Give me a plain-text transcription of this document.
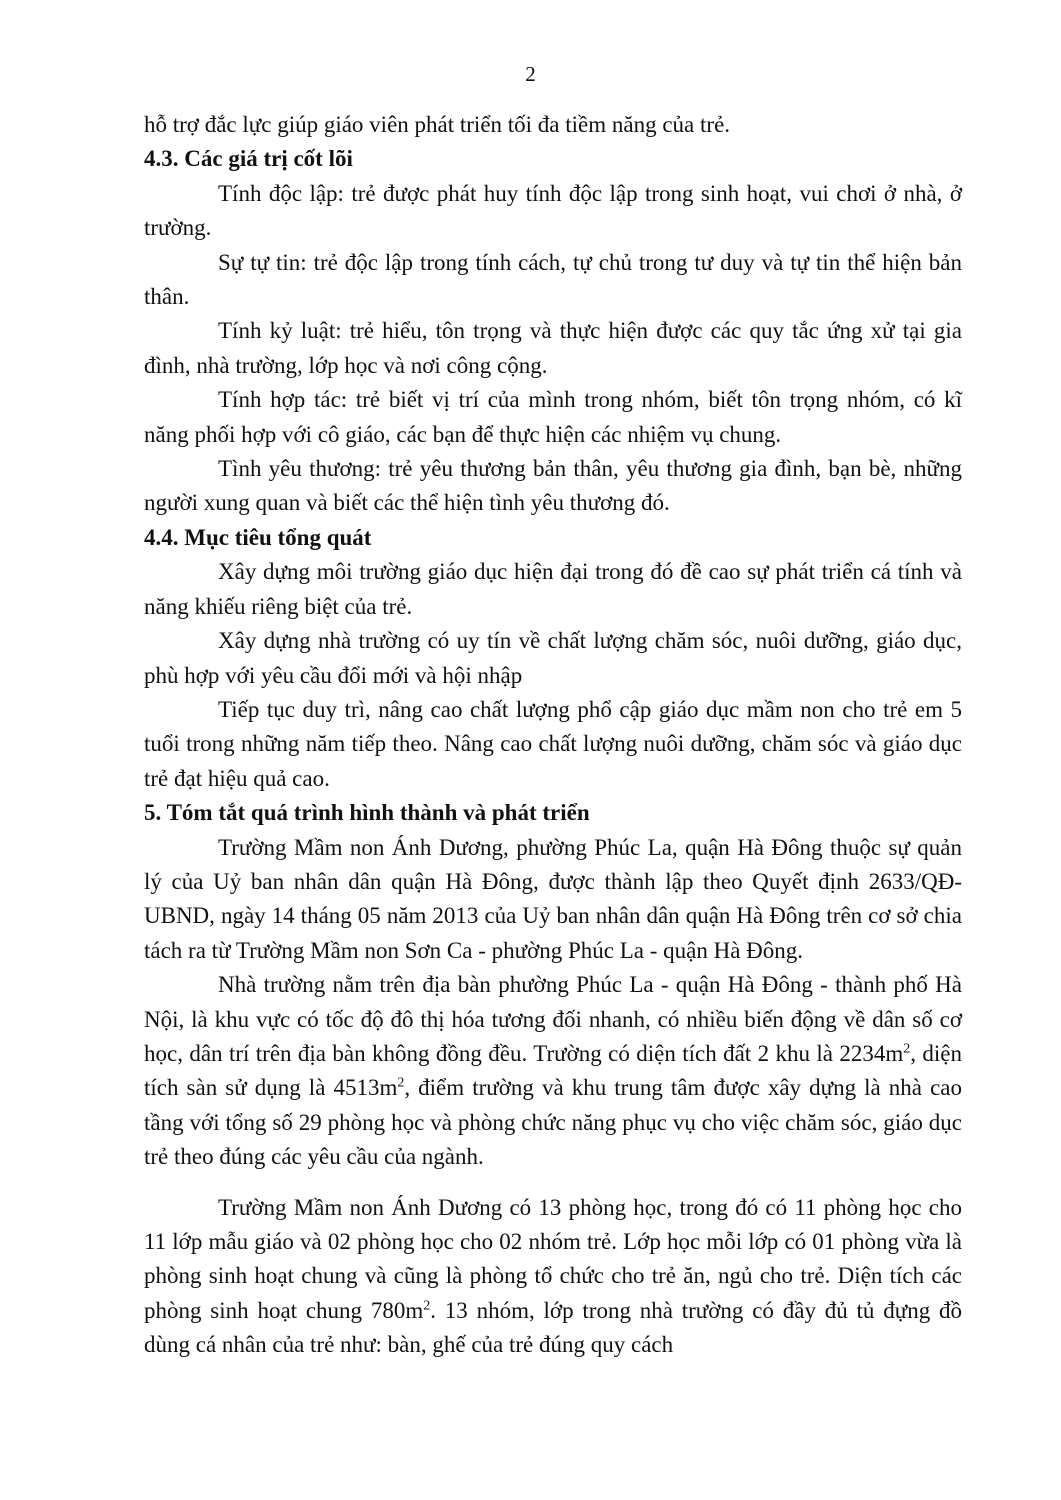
2

hỗ trợ đắc lực giúp giáo viên phát triển tối đa tiềm năng của trẻ.

4.3. Các giá trị cốt lõi

Tính độc lập: trẻ được phát huy tính độc lập trong sinh hoạt, vui chơi ở nhà, ở trường.

Sự tự tin: trẻ độc lập trong tính cách, tự chủ trong tư duy và tự tin thể hiện bản thân.

Tính kỷ luật: trẻ hiểu, tôn trọng và thực hiện được các quy tắc ứng xử tại gia đình, nhà trường, lớp học và nơi công cộng.

Tính hợp tác: trẻ biết vị trí của mình trong nhóm, biết tôn trọng nhóm, có kĩ năng phối hợp với cô giáo, các bạn để thực hiện các nhiệm vụ chung.

Tình yêu thương: trẻ yêu thương bản thân, yêu thương gia đình, bạn bè, những người xung quan và biết các thể hiện tình yêu thương đó.

4.4. Mục tiêu tổng quát

Xây dựng môi trường giáo dục hiện đại trong đó đề cao sự phát triển cá tính và năng khiếu riêng biệt của trẻ.

Xây dựng nhà trường có uy tín về chất lượng chăm sóc, nuôi dưỡng, giáo dục, phù hợp với yêu cầu đổi mới và hội nhập

Tiếp tục duy trì, nâng cao chất lượng phổ cập giáo dục mầm non cho trẻ em 5 tuổi trong những năm tiếp theo. Nâng cao chất lượng nuôi dưỡng, chăm sóc và giáo dục trẻ đạt hiệu quả cao.

5. Tóm tắt quá trình hình thành và phát triển

Trường Mầm non Ánh Dương, phường Phúc La, quận Hà Đông thuộc sự quản lý của Uỷ ban nhân dân quận Hà Đông, được thành lập theo Quyết định 2633/QĐ-UBND, ngày 14 tháng 05 năm 2013 của Uỷ ban nhân dân quận Hà Đông trên cơ sở chia tách ra từ Trường Mầm non Sơn Ca - phường Phúc La - quận Hà Đông.

Nhà trường nằm trên địa bàn phường Phúc La - quận Hà Đông - thành phố Hà Nội, là khu vực có tốc độ đô thị hóa tương đối nhanh, có nhiều biến động về dân số cơ học, dân trí trên địa bàn không đồng đều. Trường có diện tích đất 2 khu là $2234m^2$, diện tích sàn sử dụng là $4513m^2$, điểm trường và khu trung tâm được xây dựng là nhà cao tầng với tổng số 29 phòng học và phòng chức năng phục vụ cho việc chăm sóc, giáo dục trẻ theo đúng các yêu cầu của ngành.

Trường Mầm non Ánh Dương có 13 phòng học, trong đó có 11 phòng học cho 11 lớp mẫu giáo và 02 phòng học cho 02 nhóm trẻ. Lớp học mỗi lớp có 01 phòng vừa là phòng sinh hoạt chung và cũng là phòng tổ chức cho trẻ ăn, ngủ cho trẻ. Diện tích các phòng sinh hoạt chung $780m^2$. 13 nhóm, lớp trong nhà trường có đầy đủ tủ đựng đồ dùng cá nhân của trẻ như: bàn, ghế của trẻ đúng quy cách
